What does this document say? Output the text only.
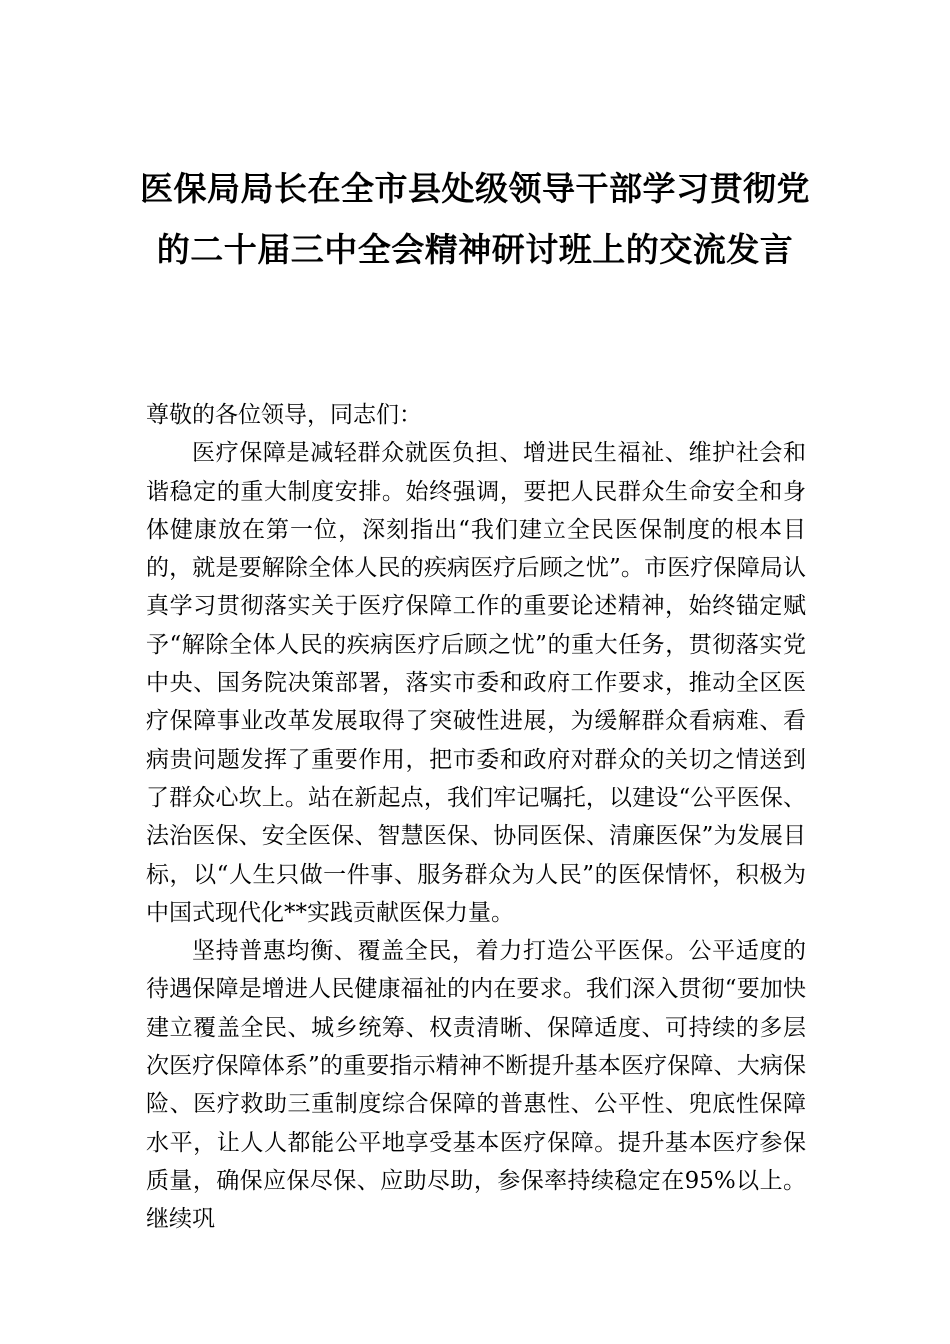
医保局局长在全市县处级领导干部学习贯彻党的二十届三中全会精神研讨班上的交流发言

尊敬的各位领导，同志们：

医疗保障是减轻群众就医负担、增进民生福祉、维护社会和谐稳定的重大制度安排。始终强调，要把人民群众生命安全和身体健康放在第一位，深刻指出“我们建立全民医保制度的根本目的，就是要解除全体人民的疾病医疗后顾之忧”。市医疗保障局认真学习贯彻落实关于医疗保障工作的重要论述精神，始终锚定赋予“解除全体人民的疾病医疗后顾之忧”的重大任务，贯彻落实党中央、国务院决策部署，落实市委和政府工作要求，推动全区医疗保障事业改革发展取得了突破性进展，为缓解群众看病难、看病贵问题发挥了重要作用，把市委和政府对群众的关切之情送到了群众心坎上。站在新起点，我们牢记嘱托，以建设“公平医保、法治医保、安全医保、智慧医保、协同医保、清廉医保”为发展目标，以“人生只做一件事、服务群众为人民”的医保情怀，积极为中国式现代化**实践贡献医保力量。

坚持普惠均衡、覆盖全民，着力打造公平医保。公平适度的待遇保障是增进人民健康福祉的内在要求。我们深入贯彻“要加快建立覆盖全民、城乡统筹、权责清晰、保障适度、可持续的多层次医疗保障体系”的重要指示精神不断提升基本医疗保障、大病保险、医疗救助三重制度综合保障的普惠性、公平性、兜底性保障水平，让人人都能公平地享受基本医疗保障。提升基本医疗参保质量，确保应保尽保、应助尽助，参保率持续稳定在95%以上。继续巩
